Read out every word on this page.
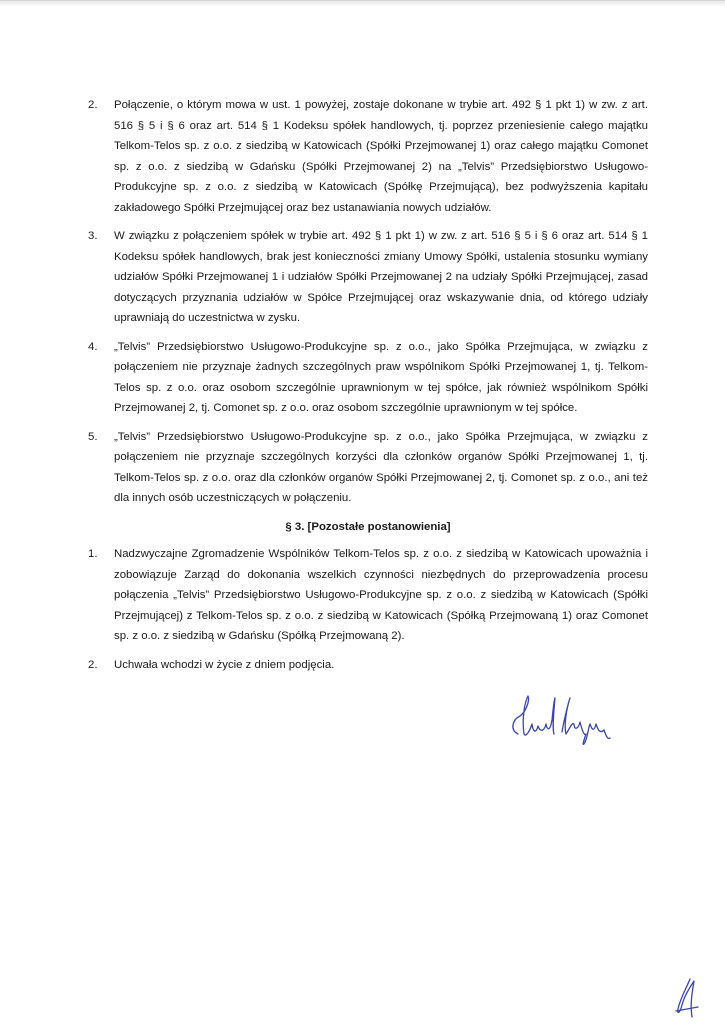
2.	Połączenie, o którym mowa w ust. 1 powyżej, zostaje dokonane w trybie art. 492 § 1 pkt 1) w zw. z art. 516 § 5 i § 6 oraz art. 514 § 1 Kodeksu spółek handlowych, tj. poprzez przeniesienie całego majątku Telkom-Telos sp. z o.o. z siedzibą w Katowicach (Spółki Przejmowanej 1) oraz całego majątku Comonet sp. z o.o. z siedzibą w Gdańsku (Spółki Przejmowanej 2) na „Telvis” Przedsiębiorstwo Usługowo-Produkcyjne sp. z o.o. z siedzibą w Katowicach (Spółkę Przejmującą), bez podwyższenia kapitału zakładowego Spółki Przejmującej oraz bez ustanawiania nowych udziałów.
3.	W związku z połączeniem spółek w trybie art. 492 § 1 pkt 1) w zw. z art. 516 § 5 i § 6 oraz art. 514 § 1 Kodeksu spółek handlowych, brak jest konieczności zmiany Umowy Spółki, ustalenia stosunku wymiany udziałów Spółki Przejmowanej 1 i udziałów Spółki Przejmowanej 2 na udziały Spółki Przejmującej, zasad dotyczących przyznania udziałów w Spółce Przejmującej oraz wskazywanie dnia, od którego udziały uprawniają do uczestnictwa w zysku.
4.	„Telvis” Przedsiębiorstwo Usługowo-Produkcyjne sp. z o.o., jako Spółka Przejmująca, w związku z połączeniem nie przyznaje żadnych szczególnych praw wspólnikom Spółki Przejmowanej 1, tj. Telkom-Telos sp. z o.o. oraz osobom szczególnie uprawnionym w tej spółce, jak również wspólnikom Spółki Przejmowanej 2, tj. Comonet sp. z o.o. oraz osobom szczególnie uprawnionym w tej spółce.
5.	„Telvis” Przedsiębiorstwo Usługowo-Produkcyjne sp. z o.o., jako Spółka Przejmująca, w związku z połączeniem nie przyznaje szczególnych korzyści dla członków organów Spółki Przejmowanej 1, tj. Telkom-Telos sp. z o.o. oraz dla członków organów Spółki Przejmowanej 2, tj. Comonet sp. z o.o., ani też dla innych osób uczestniczących w połączeniu.
§ 3. [Pozostałe postanowienia]
1.	Nadzwyczajne Zgromadzenie Wspólników Telkom-Telos sp. z o.o. z siedzibą w Katowicach upoważnia i zobowiązuje Zarząd do dokonania wszelkich czynności niezbędnych do przeprowadzenia procesu połączenia „Telvis” Przedsiębiorstwo Usługowo-Produkcyjne sp. z o.o. z siedzibą w Katowicach (Spółki Przejmującej) z Telkom-Telos sp. z o.o. z siedzibą w Katowicach (Spółką Przejmowaną 1) oraz Comonet sp. z o.o. z siedzibą w Gdańsku (Spółką Przejmowaną 2).
2.	Uchwała wchodzi w życie z dniem podjęcia.
